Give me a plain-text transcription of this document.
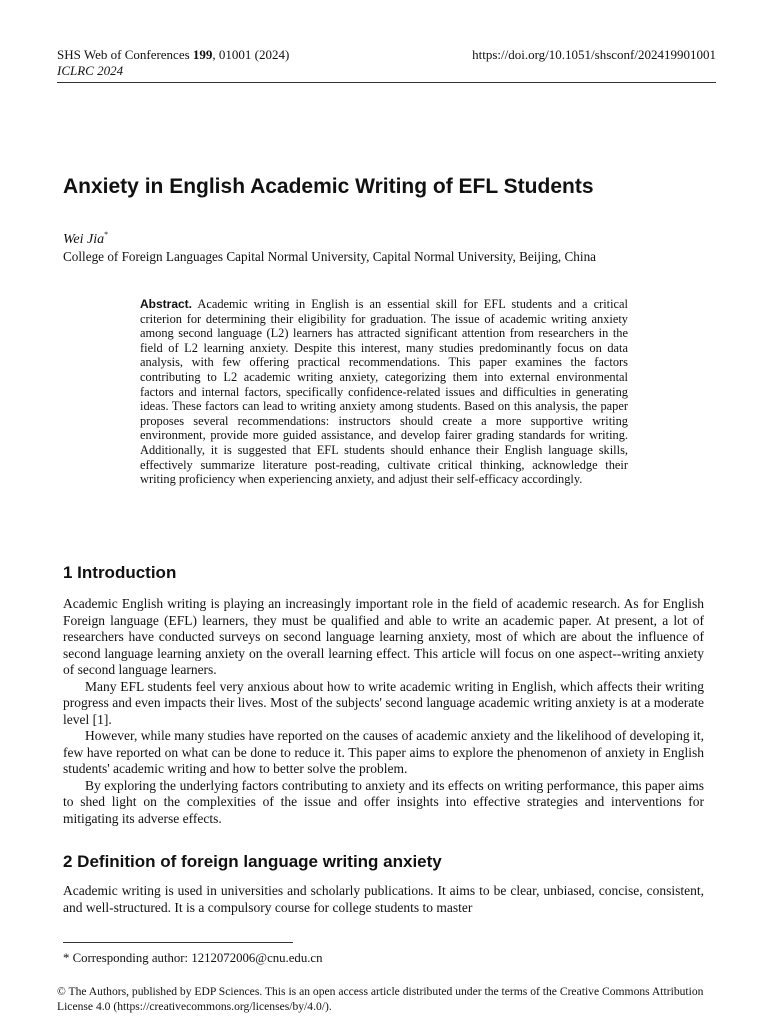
SHS Web of Conferences 199, 01001 (2024)
ICLRC 2024
https://doi.org/10.1051/shsconf/202419901001
Anxiety in English Academic Writing of EFL Students
Wei Jia*
College of Foreign Languages Capital Normal University, Capital Normal University, Beijing, China

Abstract. Academic writing in English is an essential skill for EFL students and a critical criterion for determining their eligibility for graduation. The issue of academic writing anxiety among second language (L2) learners has attracted significant attention from researchers in the field of L2 learning anxiety. Despite this interest, many studies predominantly focus on data analysis, with few offering practical recommendations. This paper examines the factors contributing to L2 academic writing anxiety, categorizing them into external environmental factors and internal factors, specifically confidence-related issues and difficulties in generating ideas. These factors can lead to writing anxiety among students. Based on this analysis, the paper proposes several recommendations: instructors should create a more supportive writing environment, provide more guided assistance, and develop fairer grading standards for writing. Additionally, it is suggested that EFL students should enhance their English language skills, effectively summarize literature post-reading, cultivate critical thinking, acknowledge their writing proficiency when experiencing anxiety, and adjust their self-efficacy accordingly.

1 Introduction

Academic English writing is playing an increasingly important role in the field of academic research. As for English Foreign language (EFL) learners, they must be qualified and able to write an academic paper. At present, a lot of researchers have conducted surveys on second language learning anxiety, most of which are about the influence of second language learning anxiety on the overall learning effect. This article will focus on one aspect--writing anxiety of second language learners.

Many EFL students feel very anxious about how to write academic writing in English, which affects their writing progress and even impacts their lives. Most of the subjects' second language academic writing anxiety is at a moderate level [1].

However, while many studies have reported on the causes of academic anxiety and the likelihood of developing it, few have reported on what can be done to reduce it. This paper aims to explore the phenomenon of anxiety in English students' academic writing and how to better solve the problem.

By exploring the underlying factors contributing to anxiety and its effects on writing performance, this paper aims to shed light on the complexities of the issue and offer insights into effective strategies and interventions for mitigating its adverse effects.

2 Definition of foreign language writing anxiety

Academic writing is used in universities and scholarly publications. It aims to be clear, unbiased, concise, consistent, and well-structured. It is a compulsory course for college students to master

* Corresponding author: 1212072006@cnu.edu.cn
© The Authors, published by EDP Sciences. This is an open access article distributed under the terms of the Creative Commons Attribution License 4.0 (https://creativecommons.org/licenses/by/4.0/).
